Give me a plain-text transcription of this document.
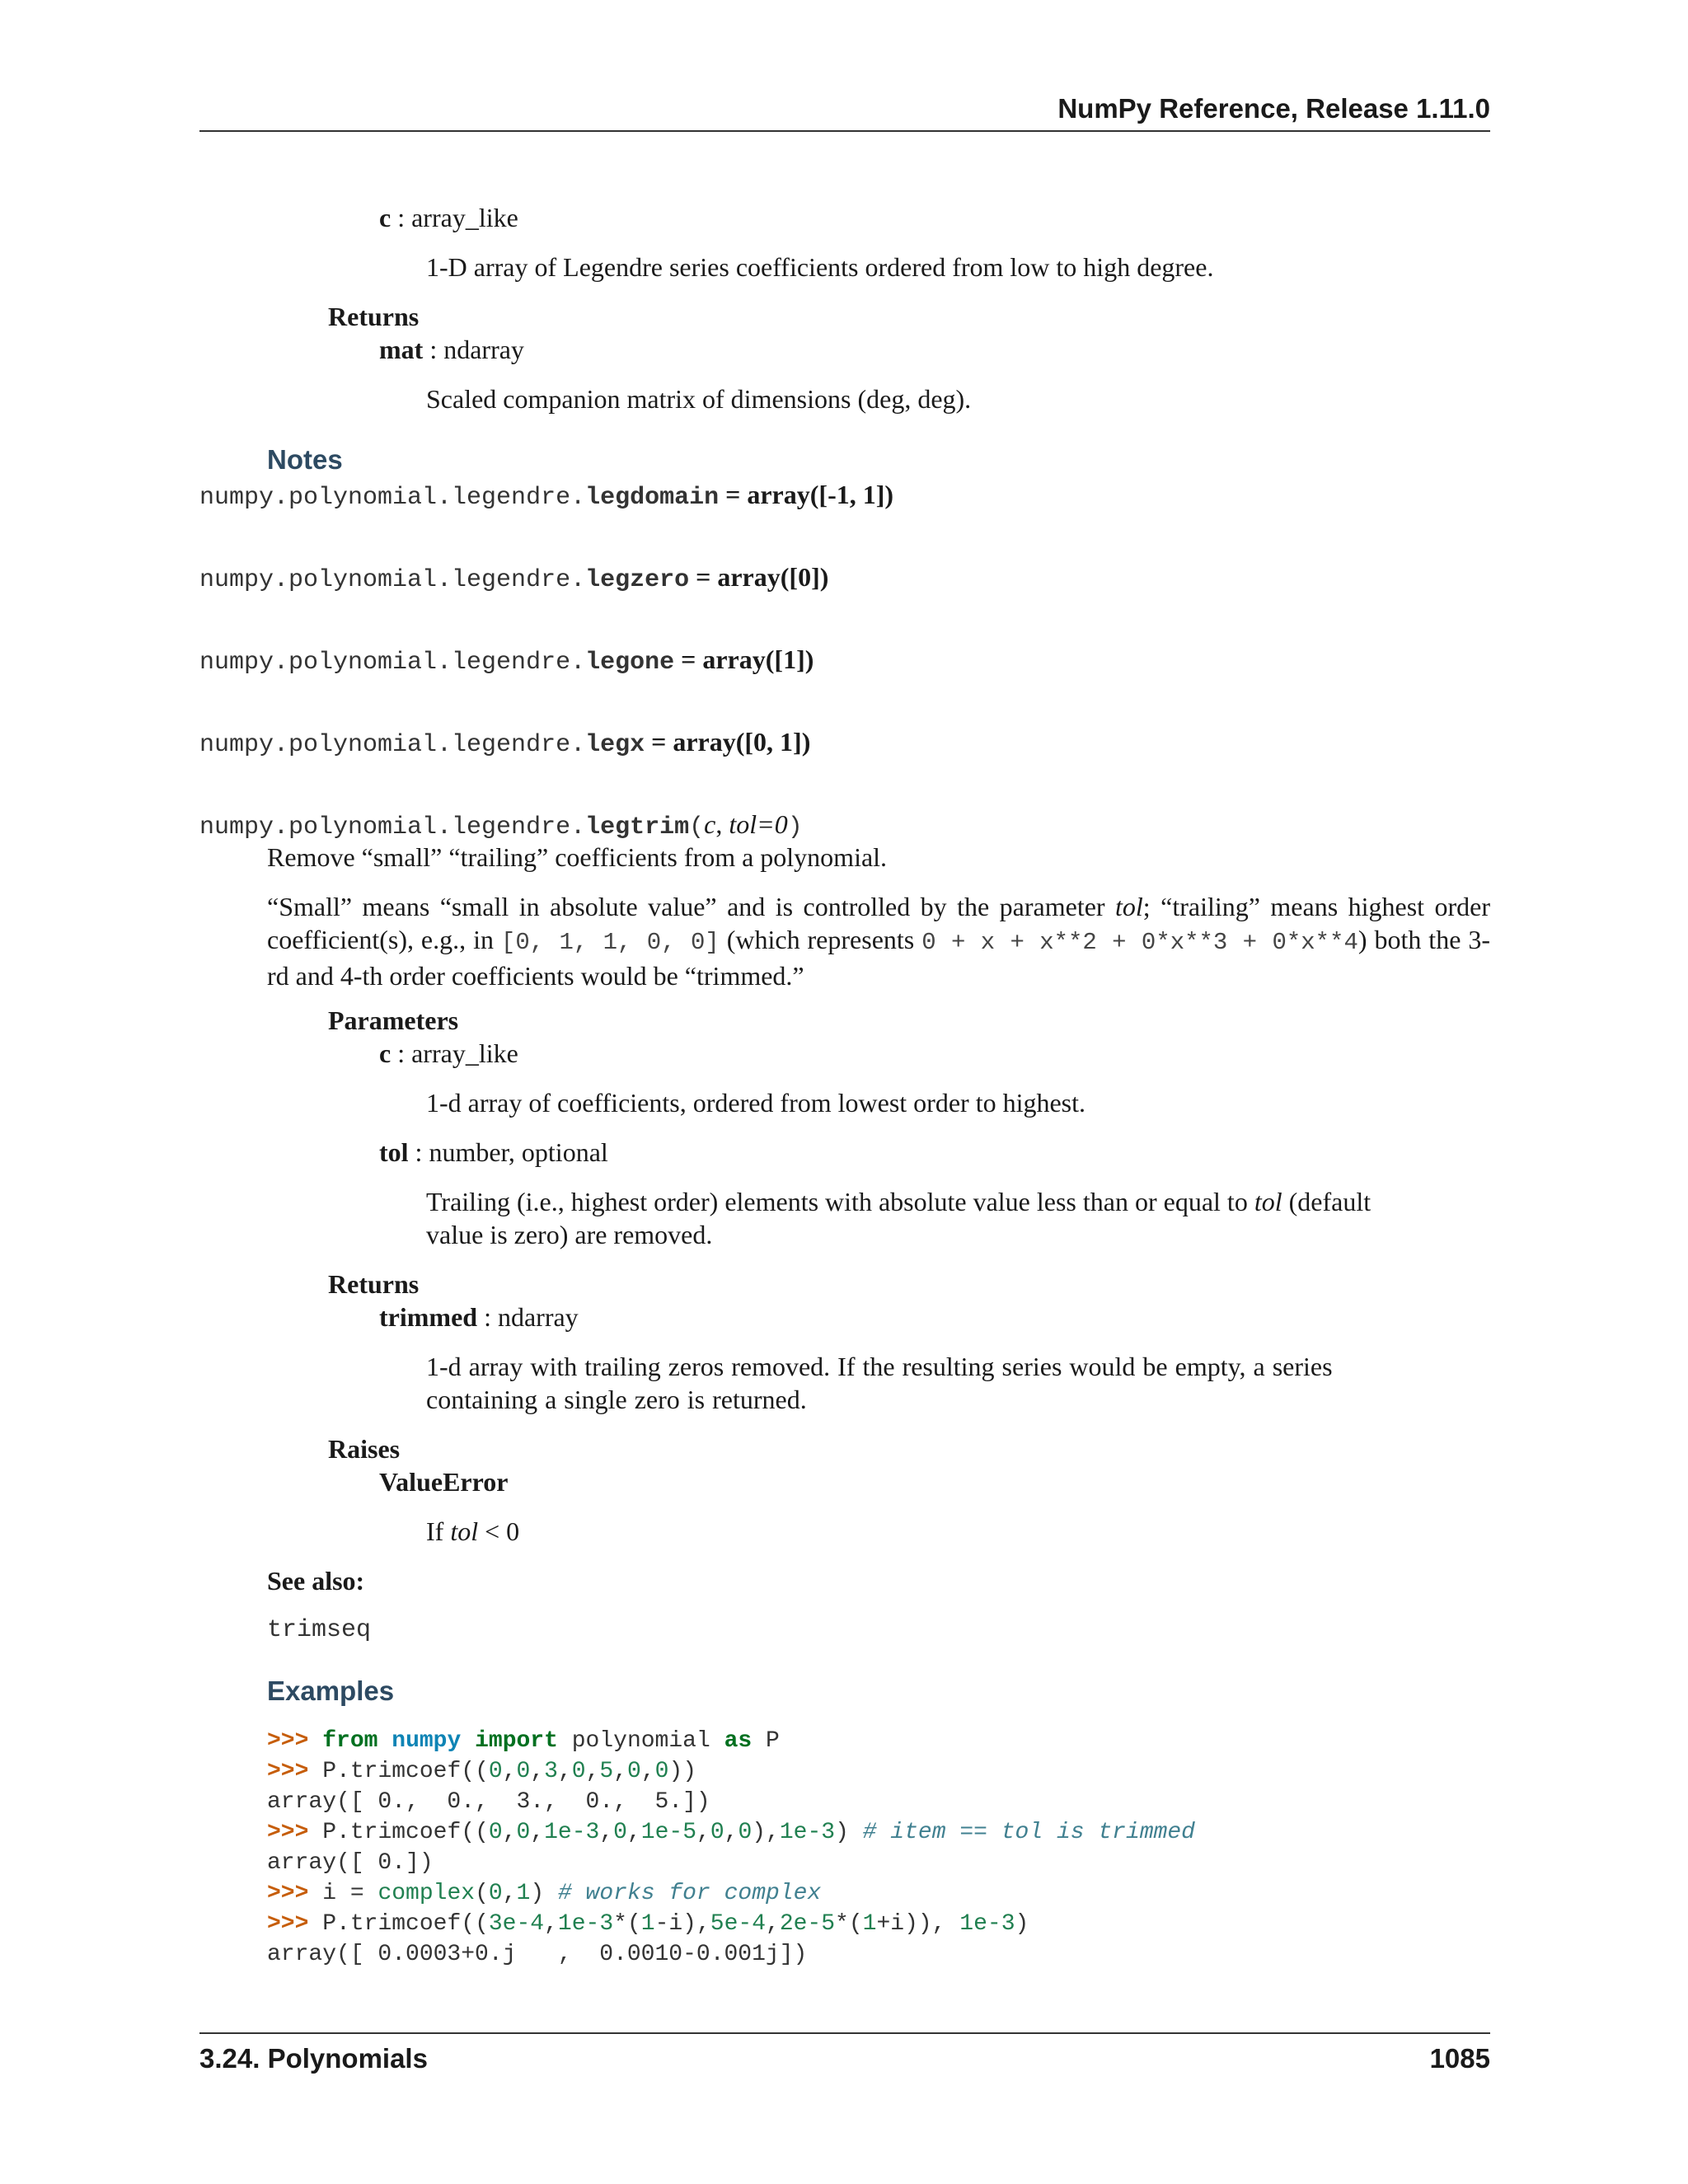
NumPy Reference, Release 1.11.0
c : array_like
1-D array of Legendre series coefficients ordered from low to high degree.
Returns
mat : ndarray
Scaled companion matrix of dimensions (deg, deg).
Notes
numpy.polynomial.legendre.legdomain = array([-1, 1])
numpy.polynomial.legendre.legzero = array([0])
numpy.polynomial.legendre.legone = array([1])
numpy.polynomial.legendre.legx = array([0, 1])
numpy.polynomial.legendre.legtrim(c, tol=0)
Remove “small” “trailing” coefficients from a polynomial.
“Small” means “small in absolute value” and is controlled by the parameter tol; “trailing” means highest order coefficient(s), e.g., in [0, 1, 1, 0, 0] (which represents 0 + x + x**2 + 0*x**3 + 0*x**4) both the 3-rd and 4-th order coefficients would be “trimmed.”
Parameters
c : array_like
1-d array of coefficients, ordered from lowest order to highest.
tol : number, optional
Trailing (i.e., highest order) elements with absolute value less than or equal to tol (default value is zero) are removed.
Returns
trimmed : ndarray
1-d array with trailing zeros removed. If the resulting series would be empty, a series containing a single zero is returned.
Raises
ValueError
If tol < 0
See also:
trimseq
Examples
>>> from numpy import polynomial as P
>>> P.trimcoef((0,0,3,0,5,0,0))
array([ 0.,  0.,  3.,  0.,  5.])
>>> P.trimcoef((0,0,1e-3,0,1e-5,0,0),1e-3) # item == tol is trimmed
array([ 0.])
>>> i = complex(0,1) # works for complex
>>> P.trimcoef((3e-4,1e-3*(1-i),5e-4,2e-5*(1+i)), 1e-3)
array([ 0.0003+0.j   ,  0.0010-0.001j])
3.24. Polynomials	1085
